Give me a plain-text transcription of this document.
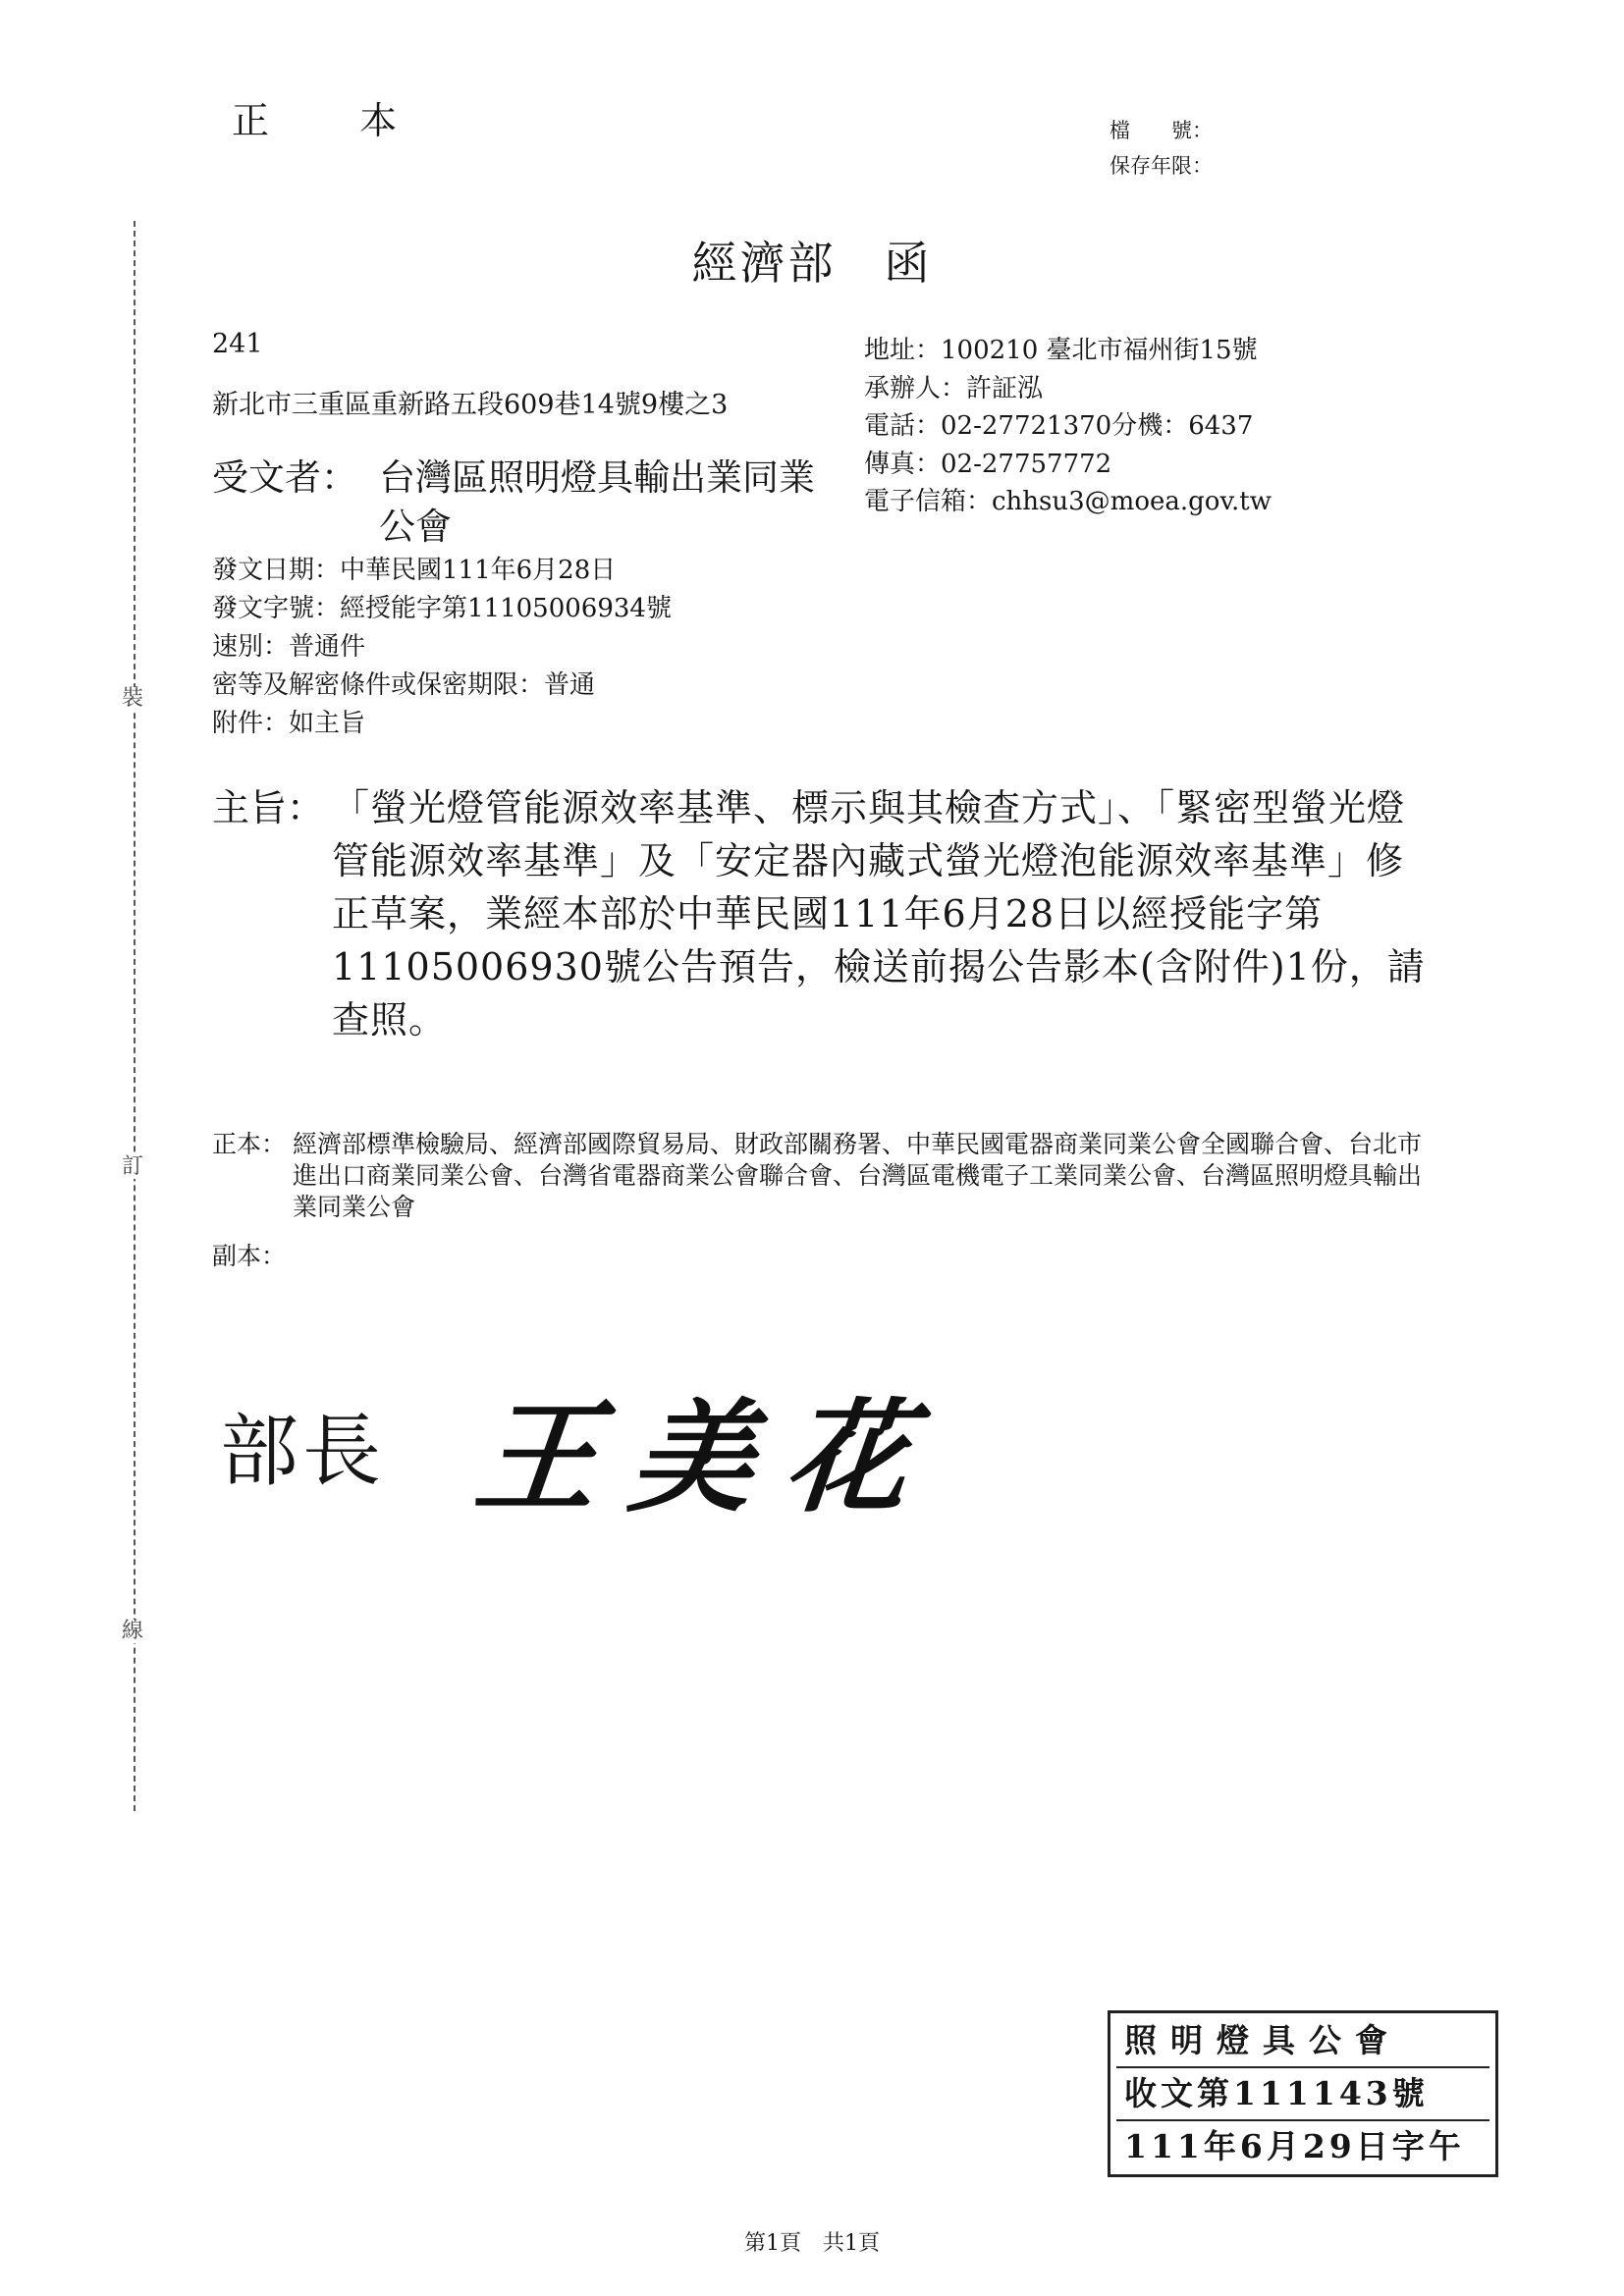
裝
訂
線
正 本	檔　　號：
保存年限：
經濟部　函
241
新北市三重區重新路五段609巷14號9樓之3
地址：100210 臺北市福州街15號
承辦人：許証泓
電話：02-27721370分機：6437
傳真：02-27757772
電子信箱：chhsu3@moea.gov.tw
受文者： 台灣區照明燈具輸出業同業公會
發文日期：中華民國111年6月28日
發文字號：經授能字第11105006934號
速別：普通件
密等及解密條件或保密期限：普通
附件：如主旨
主旨： 「螢光燈管能源效率基準、標示與其檢查方式」、「緊密型螢光燈管能源效率基準」及「安定器內藏式螢光燈泡能源效率基準」修正草案，業經本部於中華民國111年6月28日以經授能字第11105006930號公告預告，檢送前揭公告影本(含附件)1份，請查照。
正本： 經濟部標準檢驗局、經濟部國際貿易局、財政部關務署、中華民國電器商業同業公會全國聯合會、台北市進出口商業同業公會、台灣省電器商業公會聯合會、台灣區電機電子工業同業公會、台灣區照明燈具輸出業同業公會
副本：
部長 王美花
照明燈具公會
收文第111143號
111年6月29日字午
第1頁　共1頁
